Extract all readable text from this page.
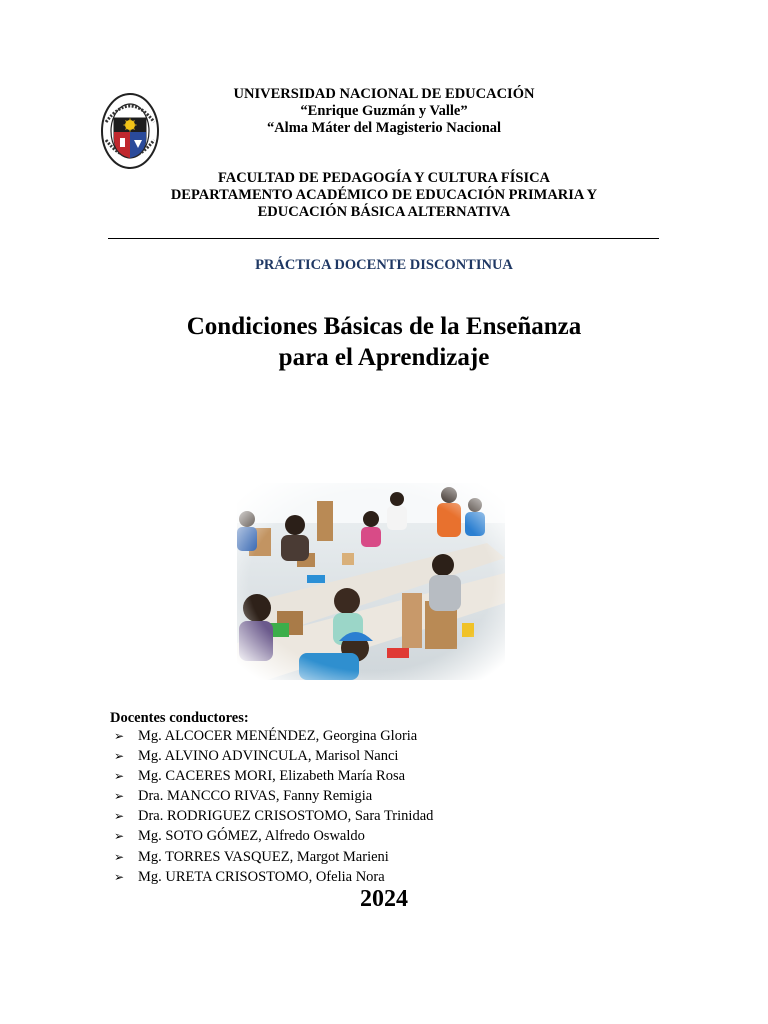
UNIVERSIDAD NACIONAL DE EDUCACIÓN
“Enrique Guzmán y Valle”
“Alma Máter del Magisterio Nacional
FACULTAD DE PEDAGOGÍA Y CULTURA FÍSICA
DEPARTAMENTO ACADÉMICO DE EDUCACIÓN PRIMARIA Y
EDUCACIÓN BÁSICA ALTERNATIVA
PRÁCTICA DOCENTE DISCONTINUA
Condiciones Básicas de la Enseñanza
para el Aprendizaje
Docentes conductores:
➢ Mg. ALCOCER MENÉNDEZ, Georgina Gloria
➢ Mg. ALVINO ADVINCULA, Marisol Nanci
➢ Mg. CACERES MORI, Elizabeth María Rosa
➢ Dra. MANCCO RIVAS, Fanny Remigia
➢ Dra. RODRIGUEZ CRISOSTOMO, Sara Trinidad
➢ Mg. SOTO GÓMEZ, Alfredo Oswaldo
➢ Mg. TORRES VASQUEZ, Margot Marieni
➢ Mg. URETA CRISOSTOMO, Ofelia Nora
2024
